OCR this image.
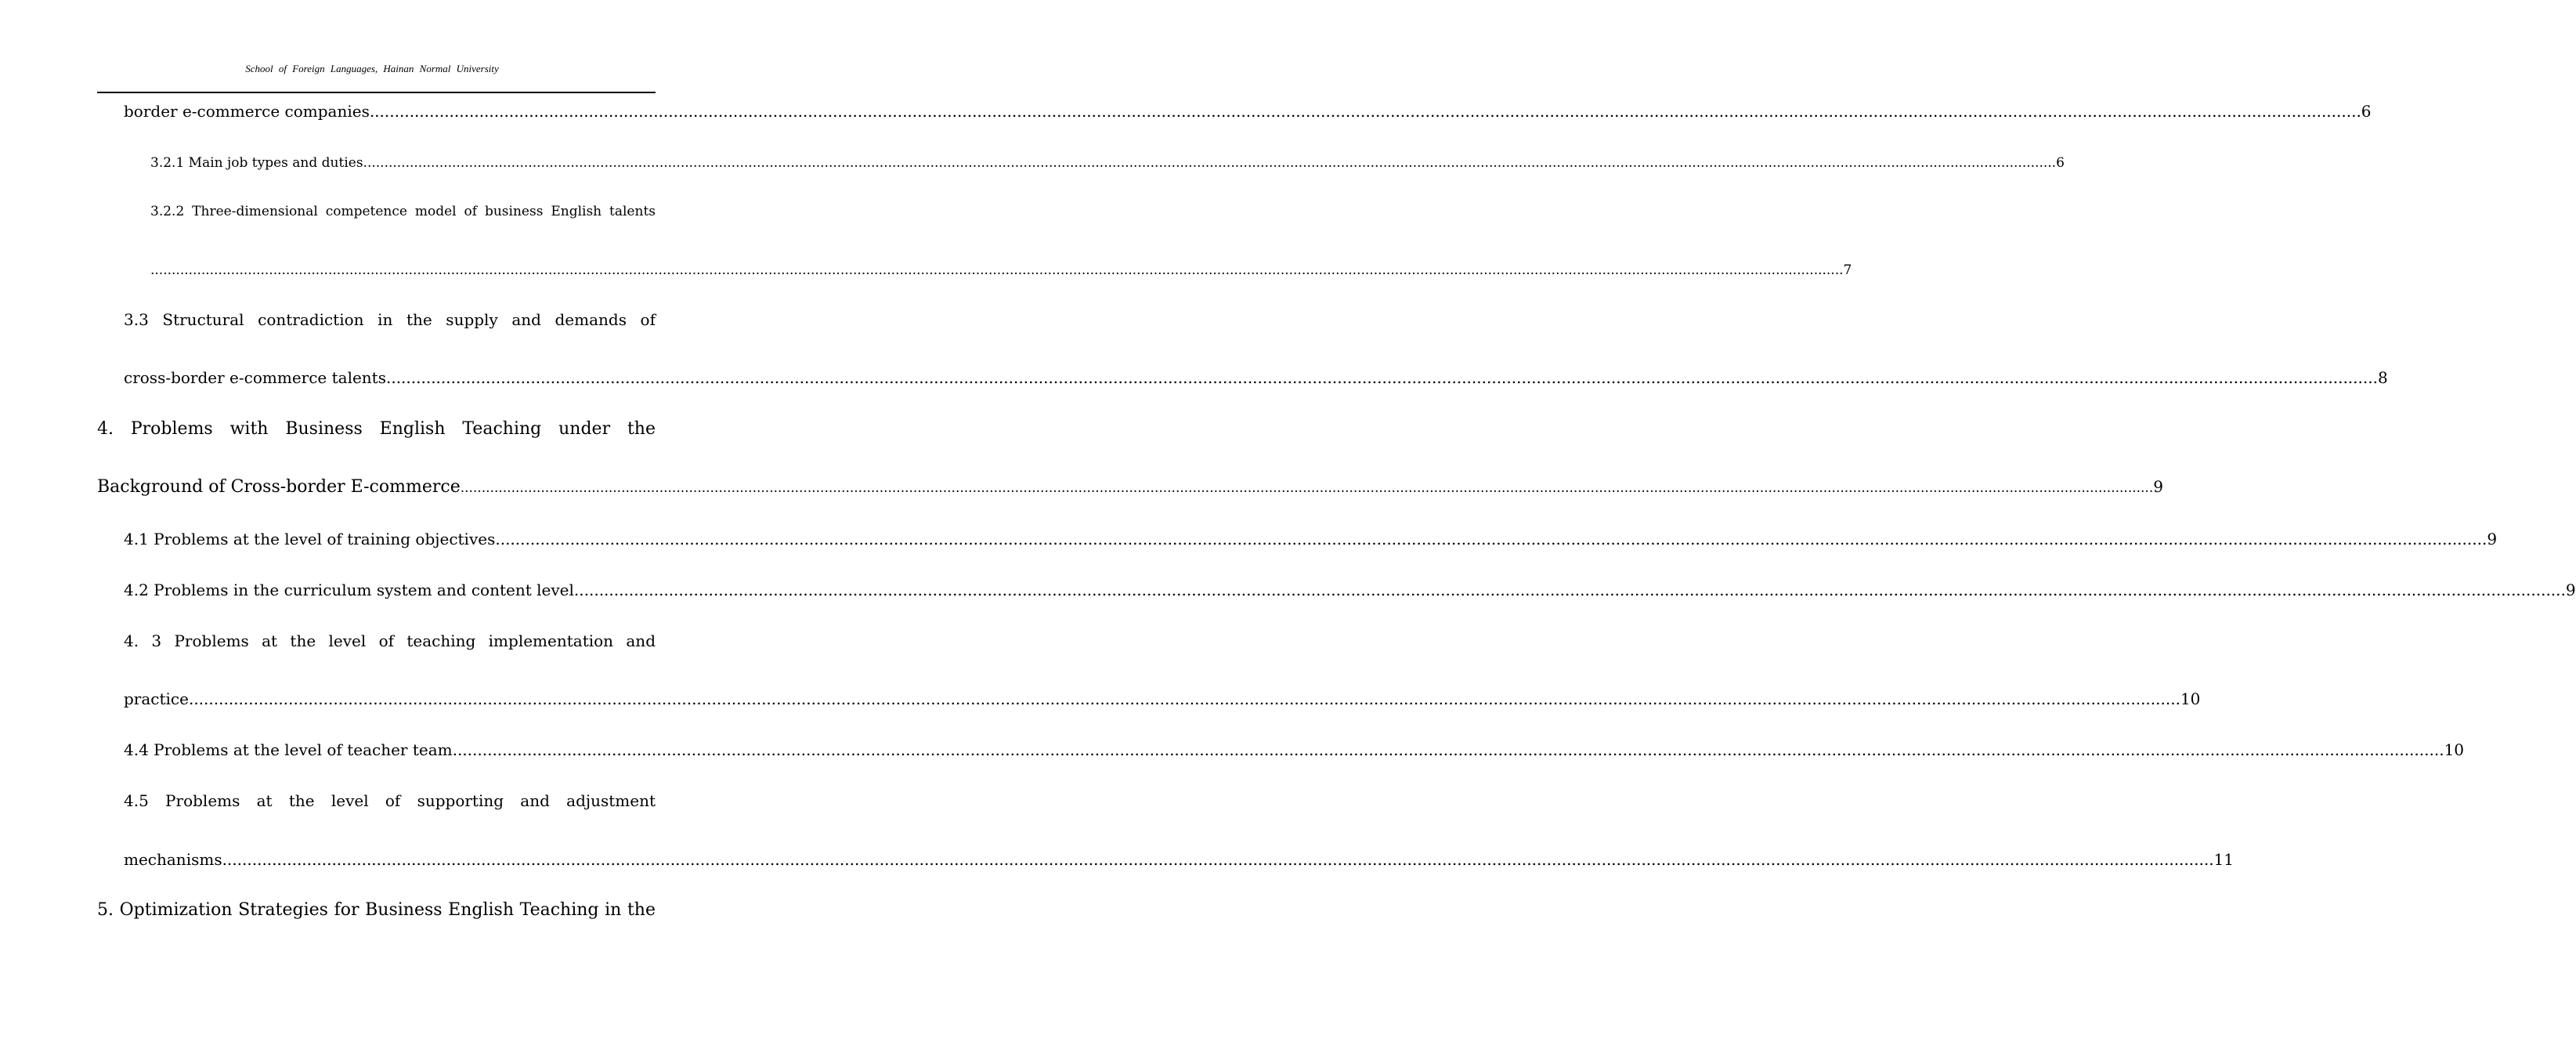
School of Foreign Languages, Hainan Normal University
border e-commerce companies ................................................................................................................................................................................................................................................................................................................................................................................................................ 6
3.2.1 Main job types and duties ................................................................................................................................................................................................................................................................................................................................................................................................................ 6
3.2.2 Three-dimensional competence model of business English talents
................................................................................................................................................................................................................................................................................................................................................................................................................ 7
3.3 Structural contradiction in the supply and demands of
cross-border e-commerce talents ................................................................................................................................................................................................................................................................................................................................................................................................................ 8
4. Problems with Business English Teaching under the
Background of Cross-border E-commerce ................................................................................................................................................................................................................................................................................................................................................................................................................ 9
4.1 Problems at the level of training objectives ................................................................................................................................................................................................................................................................................................................................................................................................................ 9
4.2 Problems in the curriculum system and content level ................................................................................................................................................................................................................................................................................................................................................................................................................ 9
4. 3 Problems at the level of teaching implementation and
practice ................................................................................................................................................................................................................................................................................................................................................................................................................ 10
4.4 Problems at the level of teacher team ................................................................................................................................................................................................................................................................................................................................................................................................................ 10
4.5 Problems at the level of supporting and adjustment
mechanisms ................................................................................................................................................................................................................................................................................................................................................................................................................ 11
5. Optimization Strategies for Business English Teaching in the
